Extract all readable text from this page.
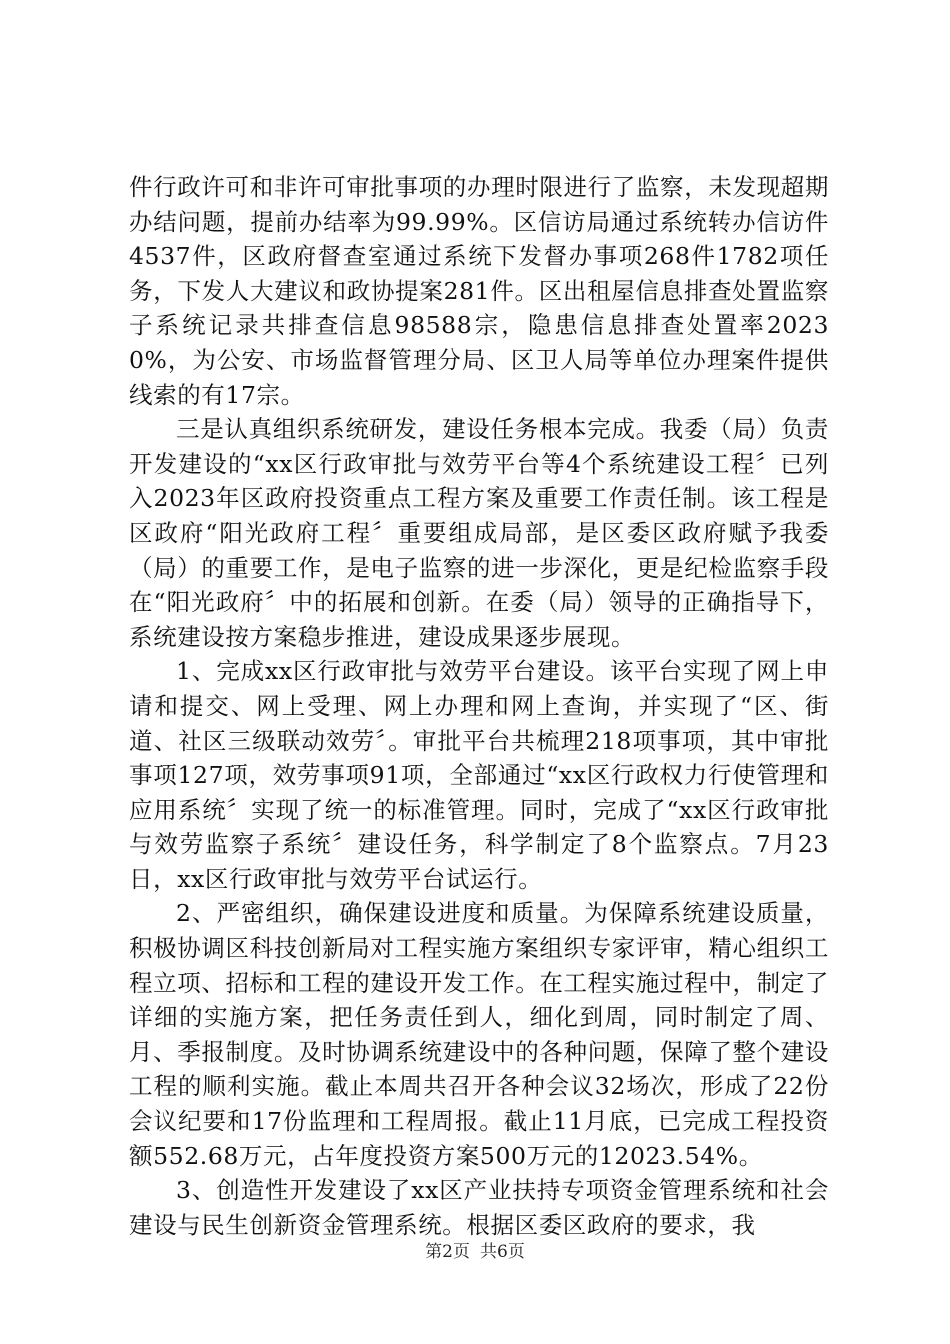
件行政许可和非许可审批事项的办理时限进行了监察，未发现超期办结问题，提前办结率为99.99%。区信访局通过系统转办信访件4537件，区政府督查室通过系统下发督办事项268件1782项任务，下发人大建议和政协提案281件。区出租屋信息排查处置监察子系统记录共排查信息98588宗，隐患信息排查处置率20230%，为公安、市场监督管理分局、区卫人局等单位办理案件提供线索的有17宗。

三是认真组织系统研发，建设任务根本完成。我委（局）负责开发建设的“xx区行政审批与效劳平台等4个系统建设工程〞已列入2023年区政府投资重点工程方案及重要工作责任制。该工程是区政府“阳光政府工程〞重要组成局部，是区委区政府赋予我委（局）的重要工作，是电子监察的进一步深化，更是纪检监察手段在“阳光政府〞中的拓展和创新。在委（局）领导的正确指导下，系统建设按方案稳步推进，建设成果逐步展现。

1、完成xx区行政审批与效劳平台建设。该平台实现了网上申请和提交、网上受理、网上办理和网上查询，并实现了“区、街道、社区三级联动效劳〞。审批平台共梳理218项事项，其中审批事项127项，效劳事项91项，全部通过“xx区行政权力行使管理和应用系统〞实现了统一的标准管理。同时，完成了“xx区行政审批与效劳监察子系统〞建设任务，科学制定了8个监察点。7月23日，xx区行政审批与效劳平台试运行。

2、严密组织，确保建设进度和质量。为保障系统建设质量，积极协调区科技创新局对工程实施方案组织专家评审，精心组织工程立项、招标和工程的建设开发工作。在工程实施过程中，制定了详细的实施方案，把任务责任到人，细化到周，同时制定了周、月、季报制度。及时协调系统建设中的各种问题，保障了整个建设工程的顺利实施。截止本周共召开各种会议32场次，形成了22份会议纪要和17份监理和工程周报。截止11月底，已完成工程投资额552.68万元，占年度投资方案500万元的12023.54%。

3、创造性开发建设了xx区产业扶持专项资金管理系统和社会建设与民生创新资金管理系统。根据区委区政府的要求，我

第2页 共6页
